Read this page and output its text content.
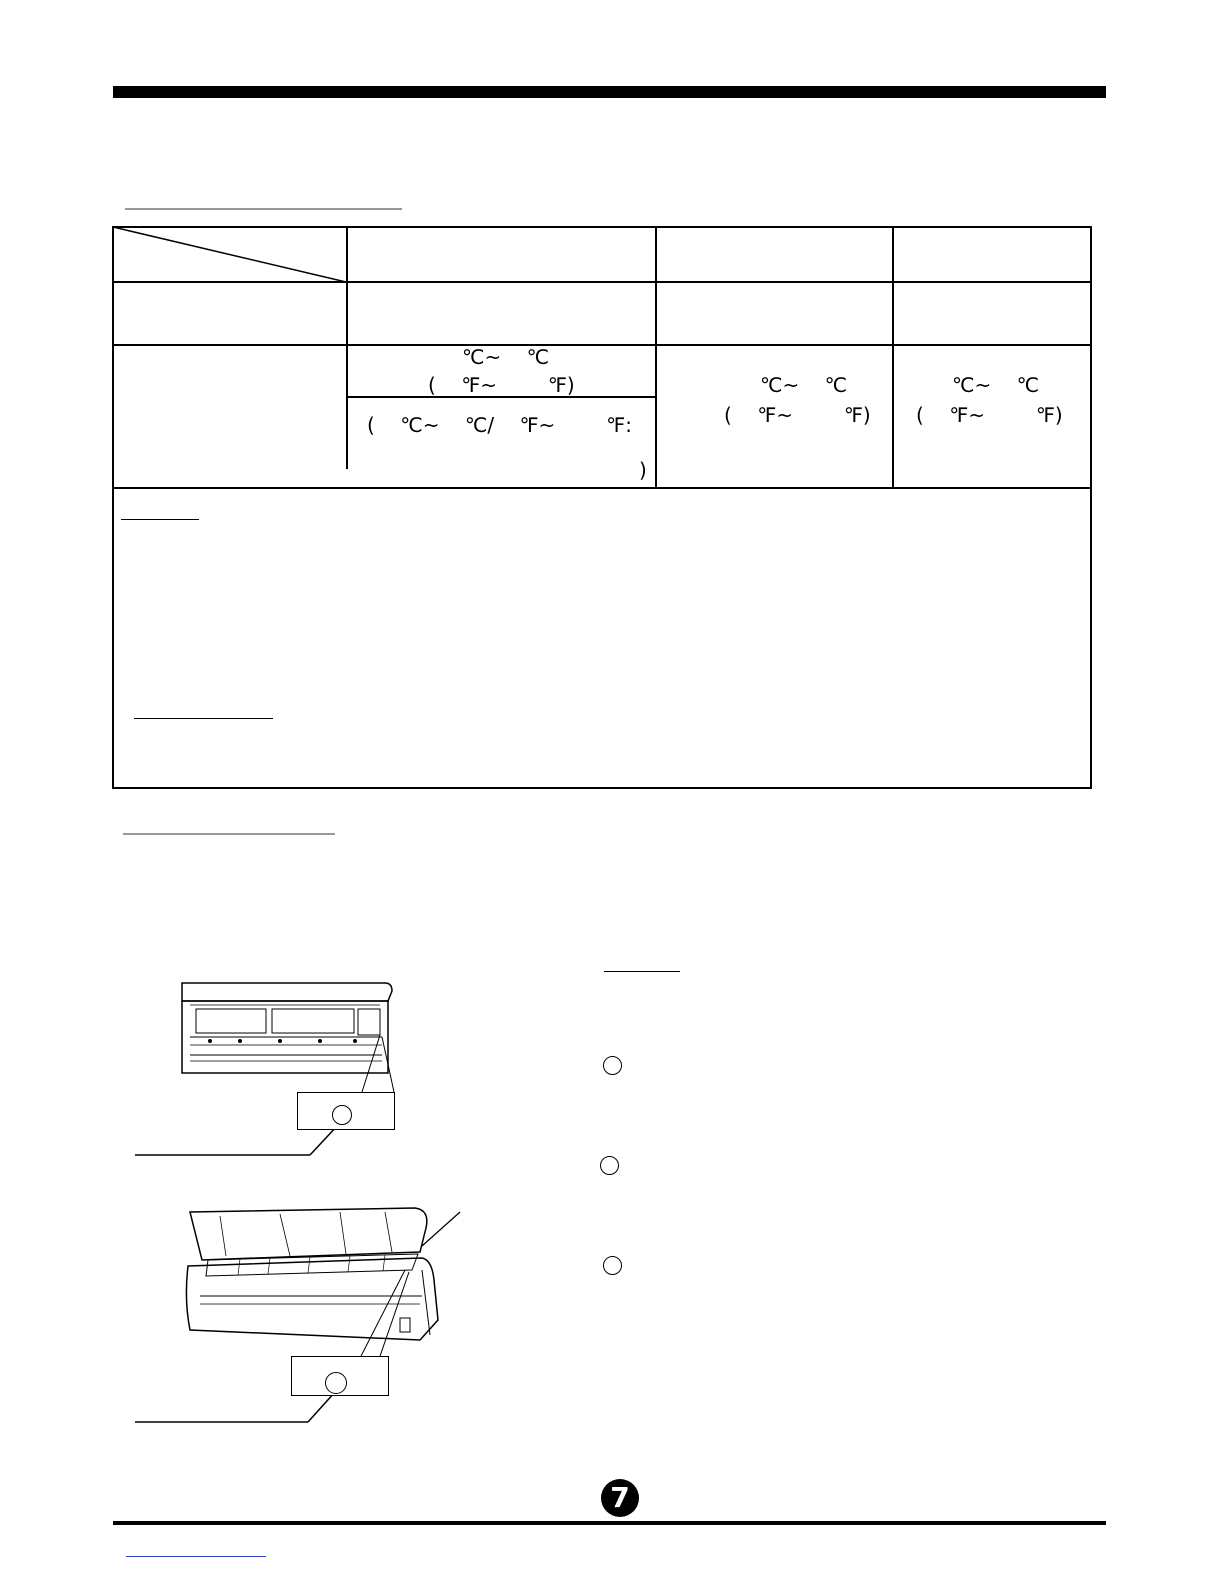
℃~    ℃
(    ℉~        ℉)
(    ℃~    ℃/    ℉~        ℉:
)
℃~    ℃
(    ℉~        ℉)
℃~    ℃
(    ℉~        ℉)
7
